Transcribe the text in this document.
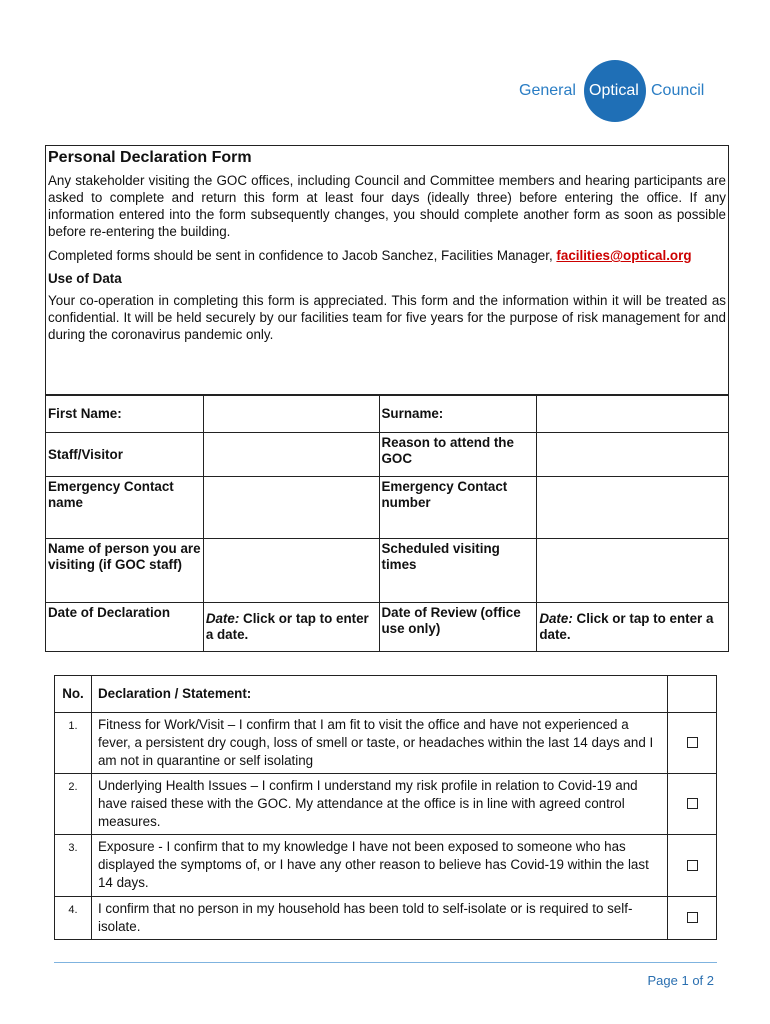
General Optical Council
Personal Declaration Form

Any stakeholder visiting the GOC offices, including Council and Committee members and hearing participants are asked to complete and return this form at least four days (ideally three) before entering the office. If any information entered into the form subsequently changes, you should complete another form as soon as possible before re-entering the building.

Completed forms should be sent in confidence to Jacob Sanchez, Facilities Manager, facilities@optical.org

Use of Data

Your co-operation in completing this form is appreciated. This form and the information within it will be treated as confidential. It will be held securely by our facilities team for five years for the purpose of risk management for and during the coronavirus pandemic only.

First Name:		Surname:	
Staff/Visitor		Reason to attend the GOC	
Emergency Contact name		Emergency Contact number	
Name of person you are visiting (if GOC staff)		Scheduled visiting times	
Date of Declaration	Date: Click or tap to enter a date.	Date of Review (office use only)	Date: Click or tap to enter a date.
No.	Declaration / Statement:	
1.	Fitness for Work/Visit – I confirm that I am fit to visit the office and have not experienced a fever, a persistent dry cough, loss of smell or taste, or headaches within the last 14 days and I am not in quarantine or self isolating	
2.	Underlying Health Issues – I confirm I understand my risk profile in relation to Covid-19 and have raised these with the GOC. My attendance at the office is in line with agreed control measures.	
3.	Exposure - I confirm that to my knowledge I have not been exposed to someone who has displayed the symptoms of, or I have any other reason to believe has Covid-19 within the last 14 days.	
4.	I confirm that no person in my household has been told to self-isolate or is required to self-isolate.	
Page 1 of 2
